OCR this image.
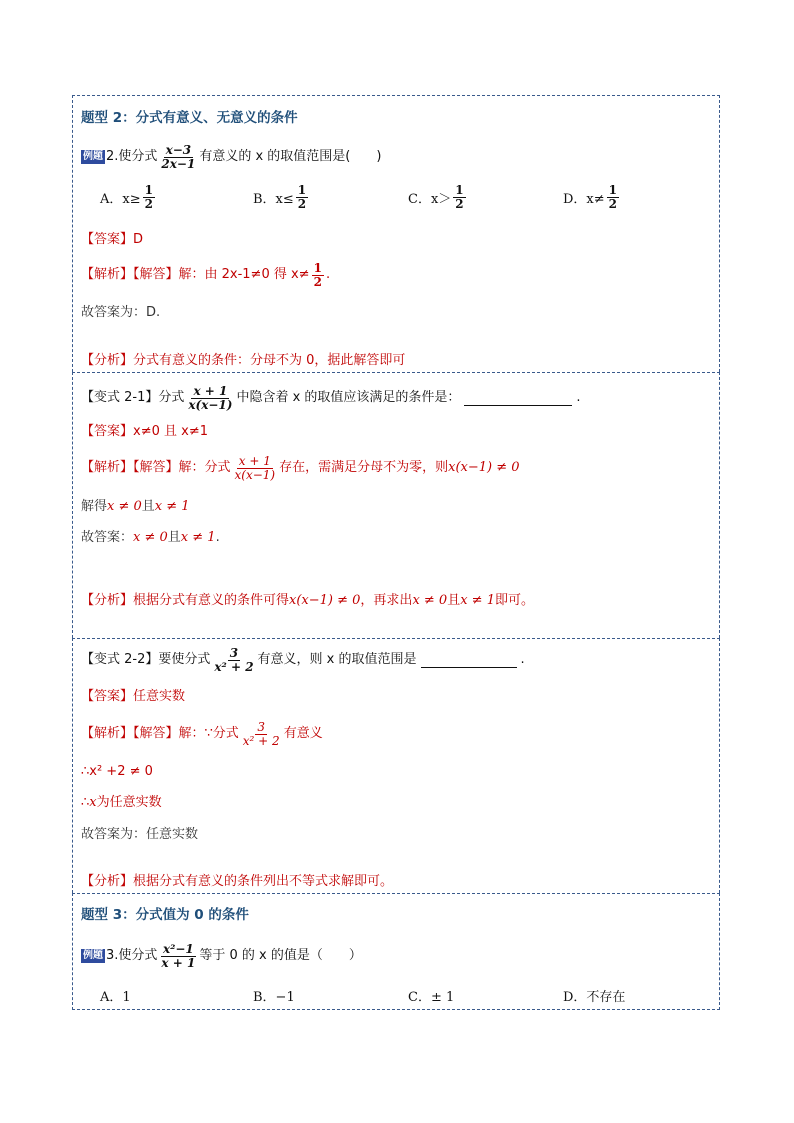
题型 2：分式有意义、无意义的条件
例题 2.使分式 $\frac{x-3}{2x-1}$ 有意义的 x 的取值范围是(　　)
A．$x\ge \frac{1}{2}$	B．$x\le \frac{1}{2}$	C．$x> \frac{1}{2}$	D．$x\ne \frac{1}{2}$
【答案】D
【解析】【解答】解：由 2x-1≠0 得 $x\ne \frac{1}{2}$ .
故答案为：D.
【分析】分式有意义的条件：分母不为 0，据此解答即可
【变式 2-1】分式 $\frac{x + 1}{x(x-1)}$ 中隐含着 x 的取值应该满足的条件是：	.
【答案】x≠0 且 x≠1
【解析】【解答】解：分式 $\frac{x + 1}{x(x-1)}$ 存在，需满足分母不为零，则 x(x−1) ≠ 0
解得 x ≠ 0 且 x ≠ 1
故答案： x ≠ 0 且 x ≠ 1 .
【分析】根据分式有意义的条件可得 x(x−1) ≠ 0 ，再求出 x ≠ 0 且 x ≠ 1 即可。
【变式 2-2】要使分式 $\frac{3}{\text{x² + 2}}$ 有意义，则 x 的取值范围是	.
【答案】任意实数
【解析】【解答】解：∵分式 $\frac{3}{\text{x² + 2}}$ 有意义
∴x² +2 ≠ 0
∴ x 为任意实数
故答案为：任意实数
【分析】根据分式有意义的条件列出不等式求解即可。
题型 3：分式值为 0 的条件
例题 3.使分式 $\frac{\text{x²−1}}{x + 1}$ 等于 0 的 x 的值是（　　）
A．1	B．−1	C．± 1	D．不存在
